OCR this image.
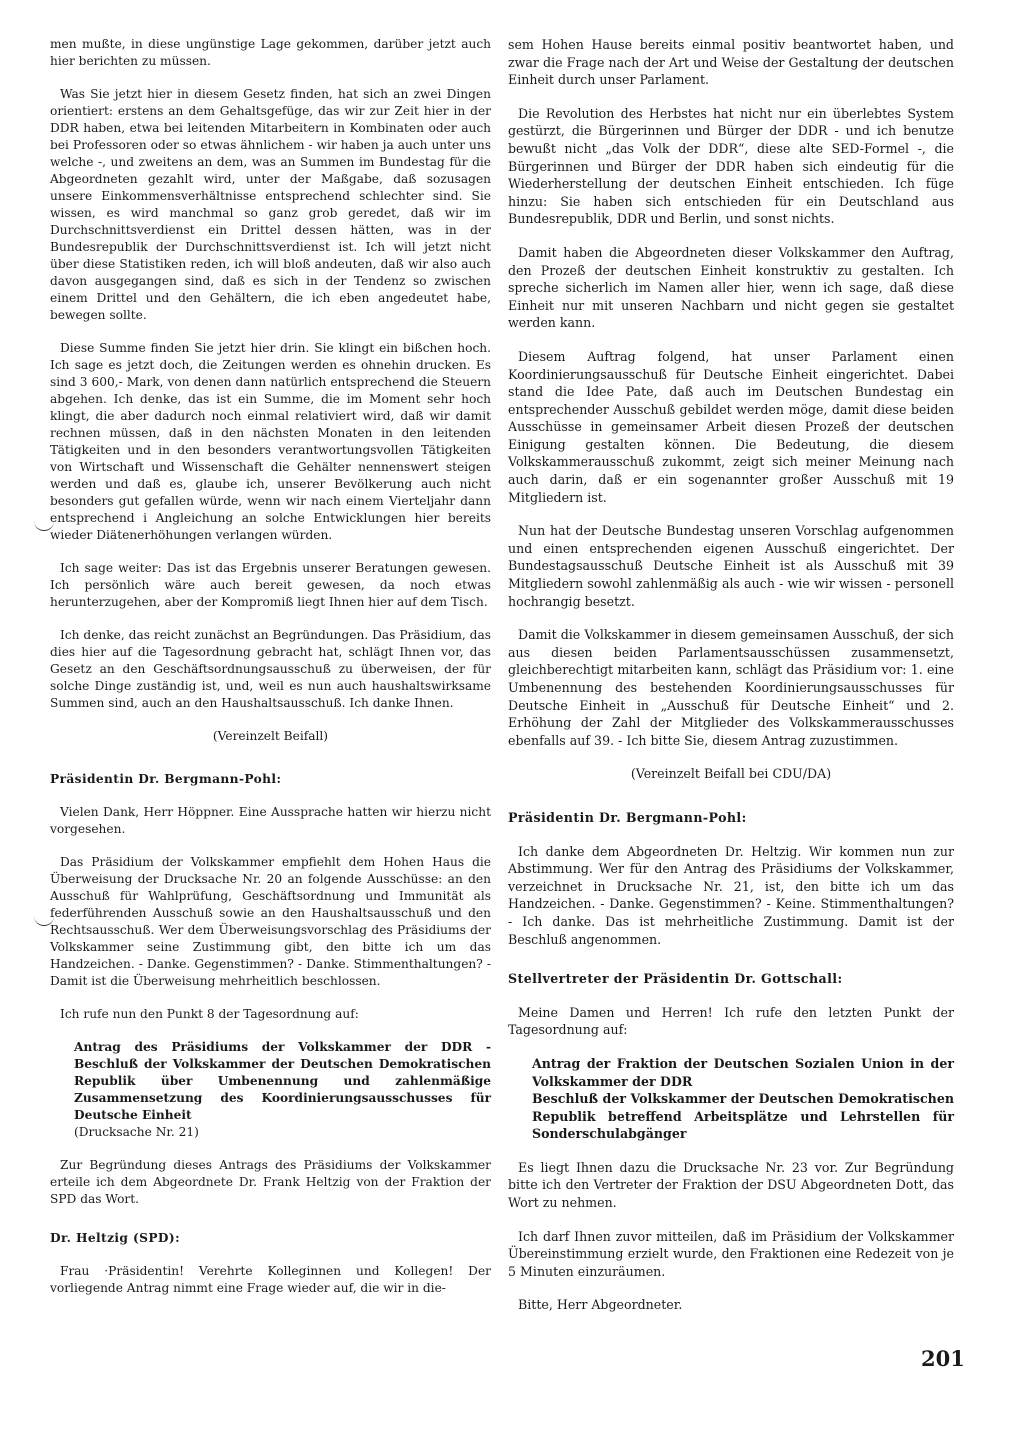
men mußte, in diese ungünstige Lage gekommen, darüber jetzt auch hier berichten zu müssen.

Was Sie jetzt hier in diesem Gesetz finden, hat sich an zwei Dingen orientiert: erstens an dem Gehaltsgefüge, das wir zur Zeit hier in der DDR haben, etwa bei leitenden Mitarbeitern in Kombinaten oder auch bei Professoren oder so etwas ähnlichem - wir haben ja auch unter uns welche -, und zweitens an dem, was an Summen im Bundestag für die Abgeordneten gezahlt wird, unter der Maßgabe, daß sozusagen unsere Einkommensverhältnisse entsprechend schlechter sind. Sie wissen, es wird manchmal so ganz grob geredet, daß wir im Durchschnittsverdienst ein Drittel dessen hätten, was in der Bundesrepublik der Durchschnittsverdienst ist. Ich will jetzt nicht über diese Statistiken reden, ich will bloß andeuten, daß wir also auch davon ausgegangen sind, daß es sich in der Tendenz so zwischen einem Drittel und den Gehältern, die ich eben angedeutet habe, bewegen sollte.

Diese Summe finden Sie jetzt hier drin. Sie klingt ein bißchen hoch. Ich sage es jetzt doch, die Zeitungen werden es ohnehin drucken. Es sind 3 600,- Mark, von denen dann natürlich entsprechend die Steuern abgehen. Ich denke, das ist ein Summe, die im Moment sehr hoch klingt, die aber dadurch noch einmal relativiert wird, daß wir damit rechnen müssen, daß in den nächsten Monaten in den leitenden Tätigkeiten und in den besonders verantwortungsvollen Tätigkeiten von Wirtschaft und Wissenschaft die Gehälter nennenswert steigen werden und daß es, glaube ich, unserer Bevölkerung auch nicht besonders gut gefallen würde, wenn wir nach einem Vierteljahr dann entsprechend i Angleichung an solche Entwicklungen hier bereits wieder Diätenerhöhungen verlangen würden.

Ich sage weiter: Das ist das Ergebnis unserer Beratungen gewesen. Ich persönlich wäre auch bereit gewesen, da noch etwas herunterzugehen, aber der Kompromiß liegt Ihnen hier auf dem Tisch.

Ich denke, das reicht zunächst an Begründungen. Das Präsidium, das dies hier auf die Tagesordnung gebracht hat, schlägt Ihnen vor, das Gesetz an den Geschäftsordnungsausschuß zu überweisen, der für solche Dinge zuständig ist, und, weil es nun auch haushaltswirksame Summen sind, auch an den Haushaltsausschuß. Ich danke Ihnen.

(Vereinzelt Beifall)

Präsidentin Dr. Bergmann-Pohl:

Vielen Dank, Herr Höppner. Eine Aussprache hatten wir hierzu nicht vorgesehen.

Das Präsidium der Volkskammer empfiehlt dem Hohen Haus die Überweisung der Drucksache Nr. 20 an folgende Ausschüsse: an den Ausschuß für Wahlprüfung, Geschäftsordnung und Immunität als federführenden Ausschuß sowie an den Haushaltsausschuß und den Rechtsausschuß. Wer dem Überweisungsvorschlag des Präsidiums der Volkskammer seine Zustimmung gibt, den bitte ich um das Handzeichen. - Danke. Gegenstimmen? - Danke. Stimmenthaltungen? - Damit ist die Überweisung mehrheitlich beschlossen.

Ich rufe nun den Punkt 8 der Tagesordnung auf:

Antrag des Präsidiums der Volkskammer der DDR - Beschluß der Volkskammer der Deutschen Demokratischen Republik über Umbenennung und zahlenmäßige Zusammensetzung des Koordinierungsausschusses für Deutsche Einheit
(Drucksache Nr. 21)

Zur Begründung dieses Antrags des Präsidiums der Volkskammer erteile ich dem Abgeordnete Dr. Frank Heltzig von der Fraktion der SPD das Wort.

Dr. Heltzig (SPD):

Frau ·Präsidentin! Verehrte Kolleginnen und Kollegen! Der vorliegende Antrag nimmt eine Frage wieder auf, die wir in die-

sem Hohen Hause bereits einmal positiv beantwortet haben, und zwar die Frage nach der Art und Weise der Gestaltung der deutschen Einheit durch unser Parlament.

Die Revolution des Herbstes hat nicht nur ein überlebtes System gestürzt, die Bürgerinnen und Bürger der DDR - und ich benutze bewußt nicht „das Volk der DDR“, diese alte SED-Formel -, die Bürgerinnen und Bürger der DDR haben sich eindeutig für die Wiederherstellung der deutschen Einheit entschieden. Ich füge hinzu: Sie haben sich entschieden für ein Deutschland aus Bundesrepublik, DDR und Berlin, und sonst nichts.

Damit haben die Abgeordneten dieser Volkskammer den Auftrag, den Prozeß der deutschen Einheit konstruktiv zu gestalten. Ich spreche sicherlich im Namen aller hier, wenn ich sage, daß diese Einheit nur mit unseren Nachbarn und nicht gegen sie gestaltet werden kann.

Diesem Auftrag folgend, hat unser Parlament einen Koordinierungsausschuß für Deutsche Einheit eingerichtet. Dabei stand die Idee Pate, daß auch im Deutschen Bundestag ein entsprechender Ausschuß gebildet werden möge, damit diese beiden Ausschüsse in gemeinsamer Arbeit diesen Prozeß der deutschen Einigung gestalten können. Die Bedeutung, die diesem Volkskammerausschuß zukommt, zeigt sich meiner Meinung nach auch darin, daß er ein sogenannter großer Ausschuß mit 19 Mitgliedern ist.

Nun hat der Deutsche Bundestag unseren Vorschlag aufgenommen und einen entsprechenden eigenen Ausschuß eingerichtet. Der Bundestagsausschuß Deutsche Einheit ist als Ausschuß mit 39 Mitgliedern sowohl zahlenmäßig als auch - wie wir wissen - personell hochrangig besetzt.

Damit die Volkskammer in diesem gemeinsamen Ausschuß, der sich aus diesen beiden Parlamentsausschüssen zusammensetzt, gleichberechtigt mitarbeiten kann, schlägt das Präsidium vor: 1. eine Umbenennung des bestehenden Koordinierungsausschusses für Deutsche Einheit in „Ausschuß für Deutsche Einheit“ und 2. Erhöhung der Zahl der Mitglieder des Volkskammerausschusses ebenfalls auf 39. - Ich bitte Sie, diesem Antrag zuzustimmen.

(Vereinzelt Beifall bei CDU/DA)

Präsidentin Dr. Bergmann-Pohl:

Ich danke dem Abgeordneten Dr. Heltzig. Wir kommen nun zur Abstimmung. Wer für den Antrag des Präsidiums der Volkskammer, verzeichnet in Drucksache Nr. 21, ist, den bitte ich um das Handzeichen. - Danke. Gegenstimmen? - Keine. Stimmenthaltungen? - Ich danke. Das ist mehrheitliche Zustimmung. Damit ist der Beschluß angenommen.

Stellvertreter der Präsidentin Dr. Gottschall:

Meine Damen und Herren! Ich rufe den letzten Punkt der Tagesordnung auf:

Antrag der Fraktion der Deutschen Sozialen Union in der Volkskammer der DDR
Beschluß der Volkskammer der Deutschen Demokratischen Republik betreffend Arbeitsplätze und Lehrstellen für Sonderschulabgänger

Es liegt Ihnen dazu die Drucksache Nr. 23 vor. Zur Begründung bitte ich den Vertreter der Fraktion der DSU Abgeordneten Dott, das Wort zu nehmen.

Ich darf Ihnen zuvor mitteilen, daß im Präsidium der Volkskammer Übereinstimmung erzielt wurde, den Fraktionen eine Redezeit von je 5 Minuten einzuräumen.

Bitte, Herr Abgeordneter.

201
